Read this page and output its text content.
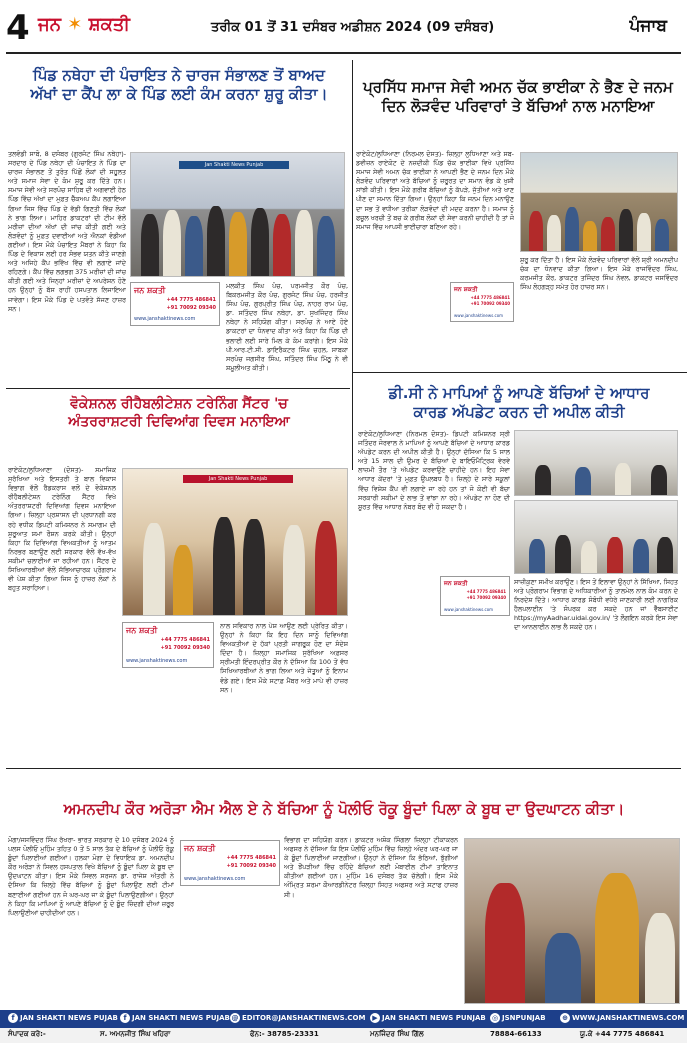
4 ਜਨ ✶ ਸ਼ਕਤੀ	ਤਰੀਕ 01 ਤੋਂ 31 ਦਸੰਬਰ ਅਡੀਸ਼ਨ 2024 (09 ਦਸੰਬਰ)	ਪੰਜਾਬ
ਪਿੰਡ ਨਥੇਹਾ ਦੀ ਪੰਚਾਇਤ ਨੇ ਚਾਰਜ ਸੰਭਾਲਣ ਤੋਂ ਬਾਅਦ
ਅੱਖਾਂ ਦਾ ਕੈਂਪ ਲਾ ਕੇ ਪਿੰਡ ਲਈ ਕੰਮ ਕਰਨਾ ਸ਼ੁਰੂ ਕੀਤਾ।	ਪ੍ਰਸਿੱਧ ਸਮਾਜ ਸੇਵੀ ਅਮਨ ਚੱਕ ਭਾਈਕਾ ਨੇ ਭੈਣ ਦੇ ਜਨਮ
ਦਿਨ ਲੋੜਵੰਦ ਪਰਿਵਾਰਾਂ ਤੇ ਬੱਚਿਆਂ ਨਾਲ ਮਨਾਇਆ
ਤਲਵੰਡੀ ਸਾਬੋ, 8 ਦਸੰਬਰ (ਗੁਰਜੰਟ ਸਿੰਘ ਨਥੇਹਾ)- ਸਰਦਾਰ ਦੇ ਪਿੰਡ ਨਥੇਹਾ ਦੀ ਪੰਚਾਇਤ ਨੇ ਪਿੰਡ ਦਾ ਚਾਰਜ ਸੰਭਾਲਣ ਤੋਂ ਤੁਰੰਤ ਪਿੱਛੋਂ ਲੋਕਾਂ ਦੀ ਸਹੂਲਤ ਅਤੇ ਸਮਾਜ ਸੇਵਾ ਦੇ ਕੰਮ ਸ਼ੁਰੂ ਕਰ ਦਿੱਤੇ ਹਨ। ਸਮਾਜ ਸੇਵੀ ਅਤੇ ਸਰਪੰਚ ਸਾਹਿਬ ਦੀ ਅਗਵਾਈ ਹੇਠ ਪਿੰਡ ਵਿੱਚ ਅੱਖਾਂ ਦਾ ਮੁਫ਼ਤ ਚੈੱਕਅਪ ਕੈਂਪ ਲਗਾਇਆ ਗਿਆ ਜਿਸ ਵਿੱਚ ਪਿੰਡ ਦੇ ਵੱਡੀ ਗਿਣਤੀ ਵਿੱਚ ਲੋਕਾਂ ਨੇ ਭਾਗ ਲਿਆ। ਮਾਹਿਰ ਡਾਕਟਰਾਂ ਦੀ ਟੀਮ ਵੱਲੋਂ ਮਰੀਜ਼ਾਂ ਦੀਆਂ ਅੱਖਾਂ ਦੀ ਜਾਂਚ ਕੀਤੀ ਗਈ ਅਤੇ ਲੋੜਵੰਦਾਂ ਨੂੰ ਮੁਫ਼ਤ ਦਵਾਈਆਂ ਅਤੇ ਐਨਕਾਂ ਵੰਡੀਆਂ ਗਈਆਂ। ਇਸ ਮੌਕੇ ਪੰਚਾਇਤ ਮੈਂਬਰਾਂ ਨੇ ਕਿਹਾ ਕਿ ਪਿੰਡ ਦੇ ਵਿਕਾਸ ਲਈ ਹਰ ਸੰਭਵ ਯਤਨ ਕੀਤੇ ਜਾਣਗੇ ਅਤੇ ਅਜਿਹੇ ਕੈਂਪ ਭਵਿੱਖ ਵਿੱਚ ਵੀ ਲਗਾਏ ਜਾਂਦੇ ਰਹਿਣਗੇ। ਕੈਂਪ ਵਿੱਚ ਲਗਭਗ 375 ਮਰੀਜ਼ਾਂ ਦੀ ਜਾਂਚ ਕੀਤੀ ਗਈ ਅਤੇ ਜਿਨ੍ਹਾਂ ਮਰੀਜ਼ਾਂ ਦੇ ਅਪਰੇਸ਼ਨ ਹੋਣੇ ਹਨ ਉਨ੍ਹਾਂ ਨੂੰ ਬੱਸ ਰਾਹੀਂ ਹਸਪਤਾਲ ਲਿਜਾਇਆ ਜਾਵੇਗਾ। ਇਸ ਮੌਕੇ ਪਿੰਡ ਦੇ ਪਤਵੰਤੇ ਸੱਜਣ ਹਾਜ਼ਰ ਸਨ।
Jan Shakti News Punjab
ਜਨ ਸ਼ਕਤੀ
+44 7775 486841
+91 70092 09340
www.janshaktinews.com
ਮਲਕੀਤ ਸਿੰਘ ਪੰਚ, ਪਰਮਜੀਤ ਕੌਰ ਪੰਚ, ਬਿਕਰਮਜੀਤ ਕੌਰ ਪੰਚ, ਗੁਰਜੰਟ ਸਿੰਘ ਪੰਚ, ਹਰਜੀਤ ਸਿੰਘ ਪੰਚ, ਗੁਰਪ੍ਰੀਤ ਸਿੰਘ ਪੰਚ, ਨਾਹਰ ਰਾਮ ਪੰਚ, ਡਾ. ਸਤਿੰਦਰ ਸਿੰਘ ਨਥੇਹਾ, ਡਾ. ਸੁਖਜਿੰਦਰ ਸਿੰਘ ਨਥੇਹਾ ਨੇ ਸਹਿਯੋਗ ਕੀਤਾ। ਸਰਪੰਚ ਨੇ ਆਏ ਹੋਏ ਡਾਕਟਰਾਂ ਦਾ ਧੰਨਵਾਦ ਕੀਤਾ ਅਤੇ ਕਿਹਾ ਕਿ ਪਿੰਡ ਦੀ ਭਲਾਈ ਲਈ ਸਾਰੇ ਮਿਲ ਕੇ ਕੰਮ ਕਰਾਂਗੇ। ਇਸ ਮੌਕੇ ਪੀ.ਆਰ.ਟੀ.ਸੀ. ਡਾਇਰੈਕਟਰ ਸਿੰਘ ਚਹਲ, ਸਾਬਕਾ ਸਰਪੰਚ ਜਗਸੀਰ ਸਿੰਘ, ਸਤਿੰਦਰ ਸਿੰਘ ਮਿੱਠੂ ਨੇ ਵੀ ਸ਼ਮੂਲੀਅਤ ਕੀਤੀ।
ਰਾਏਕੋਟ/ਲੁਧਿਆਣਾ (ਨਿਰਮਲ ਦੋਸਤ)- ਜ਼ਿਲ੍ਹਾ ਲੁਧਿਆਣਾ ਅਤੇ ਸਬ-ਡਵੀਜ਼ਨ ਰਾਏਕੋਟ ਦੇ ਨਜ਼ਦੀਕੀ ਪਿੰਡ ਚੱਕ ਭਾਈਕਾ ਵਿਖੇ ਪ੍ਰਸਿੱਧ ਸਮਾਜ ਸੇਵੀ ਅਮਨ ਚੱਕ ਭਾਈਕਾ ਨੇ ਆਪਣੀ ਭੈਣ ਦੇ ਜਨਮ ਦਿਨ ਮੌਕੇ ਲੋੜਵੰਦ ਪਰਿਵਾਰਾਂ ਅਤੇ ਬੱਚਿਆਂ ਨੂੰ ਜ਼ਰੂਰਤ ਦਾ ਸਮਾਨ ਵੰਡ ਕੇ ਖੁਸ਼ੀ ਸਾਂਝੀ ਕੀਤੀ। ਇਸ ਮੌਕੇ ਗਰੀਬ ਬੱਚਿਆਂ ਨੂੰ ਕੱਪੜੇ, ਜੁੱਤੀਆਂ ਅਤੇ ਖਾਣ ਪੀਣ ਦਾ ਸਮਾਨ ਦਿੱਤਾ ਗਿਆ। ਉਨ੍ਹਾਂ ਕਿਹਾ ਕਿ ਜਨਮ ਦਿਨ ਮਨਾਉਣ ਦਾ ਸਭ ਤੋਂ ਵਧੀਆ ਤਰੀਕਾ ਲੋੜਵੰਦਾਂ ਦੀ ਮਦਦ ਕਰਨਾ ਹੈ। ਸਮਾਜ ਨੂੰ ਫਜ਼ੂਲ ਖਰਚੀ ਤੋਂ ਬਚ ਕੇ ਗਰੀਬ ਲੋਕਾਂ ਦੀ ਸੇਵਾ ਕਰਨੀ ਚਾਹੀਦੀ ਹੈ ਤਾਂ ਜੋ ਸਮਾਜ ਵਿੱਚ ਆਪਸੀ ਭਾਈਚਾਰਾ ਬਣਿਆ ਰਹੇ।
ਜਨ ਸ਼ਕਤੀ
+44 7775 486841
+91 70092 09340
www.janshaktinews.com
ਸ਼ੁਰੂ ਕਰ ਦਿੱਤਾ ਹੈ। ਇਸ ਮੌਕੇ ਲੋੜਵੰਦ ਪਰਿਵਾਰਾਂ ਵੱਲੋਂ ਸ਼੍ਰੀ ਅਮਨਦੀਪ ਚੱਕ ਦਾ ਧੰਨਵਾਦ ਕੀਤਾ ਗਿਆ। ਇਸ ਮੌਕੇ ਰਾਜਵਿੰਦਰ ਸਿੰਘ, ਕਰਮਜੀਤ ਕੌਰ, ਡਾਕਟਰ ਤਜਿੰਦਰ ਸਿੰਘ ਨੇਵਲ, ਡਾਕਟਰ ਜਸਵਿੰਦਰ ਸਿੰਘ ਲੋਹਗੜ੍ਹ ਸਮੇਤ ਹੋਰ ਹਾਜ਼ਰ ਸਨ।
ਡੀ.ਸੀ ਨੇ ਮਾਪਿਆਂ ਨੂੰ ਆਪਣੇ ਬੱਚਿਆਂ ਦੇ ਆਧਾਰ
ਕਾਰਡ ਅੱਪਡੇਟ ਕਰਨ ਦੀ ਅਪੀਲ ਕੀਤੀ
ਵੋਕੇਸ਼ਨਲ ਰੀਹੈਬਲੀਟੇਸ਼ਨ ਟਰੇਨਿੰਗ ਸੈਂਟਰ 'ਚ
ਅੰਤਰਰਾਸ਼ਟਰੀ ਦਿਵਿਆਂਗ ਦਿਵਸ ਮਨਾਇਆ
ਰਾਏਕੋਟ/ਲੁਧਿਆਣਾ (ਦੋਸਤ)- ਸਮਾਜਿਕ ਸੁਰੱਖਿਆ ਅਤੇ ਇਸਤਰੀ ਤੇ ਬਾਲ ਵਿਕਾਸ ਵਿਭਾਗ ਵੱਲੋਂ ਰੈਡਕਰਾਸ ਵਲੋਂ ਦੇ ਵੋਕੇਸ਼ਨਲ ਰੀਹੈਬਲੀਟੇਸ਼ਨ ਟਰੇਨਿੰਗ ਸੈਂਟਰ ਵਿਖੇ ਅੰਤਰਰਾਸ਼ਟਰੀ ਦਿਵਿਆਂਗ ਦਿਵਸ ਮਨਾਇਆ ਗਿਆ। ਜ਼ਿਲ੍ਹਾ ਪ੍ਰਸ਼ਾਸਨ ਦੀ ਪ੍ਰਧਾਨਗੀ ਕਰ ਰਹੇ ਵਧੀਕ ਡਿਪਟੀ ਕਮਿਸ਼ਨਰ ਨੇ ਸਮਾਗਮ ਦੀ ਸ਼ੁਰੂਆਤ ਸ਼ਮਾਂ ਰੌਸ਼ਨ ਕਰਕੇ ਕੀਤੀ। ਉਨ੍ਹਾਂ ਕਿਹਾ ਕਿ ਦਿਵਿਆਂਗ ਵਿਅਕਤੀਆਂ ਨੂੰ ਆਤਮ ਨਿਰਭਰ ਬਣਾਉਣ ਲਈ ਸਰਕਾਰ ਵੱਲੋਂ ਵੱਖ-ਵੱਖ ਸਕੀਮਾਂ ਚਲਾਈਆਂ ਜਾ ਰਹੀਆਂ ਹਨ। ਸੈਂਟਰ ਦੇ ਸਿਖਿਆਰਥੀਆਂ ਵੱਲੋਂ ਸੱਭਿਆਚਾਰਕ ਪ੍ਰੋਗਰਾਮ ਵੀ ਪੇਸ਼ ਕੀਤਾ ਗਿਆ ਜਿਸ ਨੂੰ ਹਾਜ਼ਰ ਲੋਕਾਂ ਨੇ ਬਹੁਤ ਸਰਾਹਿਆ।
Jan Shakti News Punjab
ਜਨ ਸ਼ਕਤੀ
+44 7775 486841
+91 70092 09340
www.janshaktinews.com
ਨਾਲ ਸਵਿਕਾਰ ਨਾਲ ਪੇਸ਼ ਆਉਣ ਲਈ ਪ੍ਰੇਰਿਤ ਕੀਤਾ। ਉਨ੍ਹਾਂ ਨੇ ਕਿਹਾ ਕਿ ਇਹ ਦਿਨ ਸਾਨੂੰ ਦਿਵਿਆਂਗ ਵਿਅਕਤੀਆਂ ਦੇ ਹੱਕਾਂ ਪ੍ਰਤੀ ਜਾਗਰੂਕ ਹੋਣ ਦਾ ਸੰਦੇਸ਼ ਦਿੰਦਾ ਹੈ। ਜ਼ਿਲ੍ਹਾ ਸਮਾਜਿਕ ਸੁਰੱਖਿਆ ਅਫ਼ਸਰ ਸ੍ਰੀਮਤੀ ਇੰਦਰਪ੍ਰੀਤ ਕੌਰ ਨੇ ਦੱਸਿਆ ਕਿ 100 ਤੋਂ ਵੱਧ ਸਿਖਿਆਰਥੀਆਂ ਨੇ ਭਾਗ ਲਿਆ ਅਤੇ ਜੇਤੂਆਂ ਨੂੰ ਇਨਾਮ ਵੰਡੇ ਗਏ। ਇਸ ਮੌਕੇ ਸਟਾਫ਼ ਮੈਂਬਰ ਅਤੇ ਮਾਪੇ ਵੀ ਹਾਜ਼ਰ ਸਨ।
ਰਾਏਕੋਟ/ਲੁਧਿਆਣਾ (ਨਿਰਮਲ ਦੋਸਤ)- ਡਿਪਟੀ ਕਮਿਸ਼ਨਰ ਸ੍ਰੀ ਜਤਿੰਦਰ ਜੋਰਵਾਲ ਨੇ ਮਾਪਿਆਂ ਨੂੰ ਆਪਣੇ ਬੱਚਿਆਂ ਦੇ ਆਧਾਰ ਕਾਰਡ ਅੱਪਡੇਟ ਕਰਨ ਦੀ ਅਪੀਲ ਕੀਤੀ ਹੈ। ਉਨ੍ਹਾਂ ਦੱਸਿਆ ਕਿ 5 ਸਾਲ ਅਤੇ 15 ਸਾਲ ਦੀ ਉਮਰ ਦੇ ਬੱਚਿਆਂ ਦੇ ਬਾਇਓਮੈਟ੍ਰਿਕ ਵੇਰਵੇ ਲਾਜ਼ਮੀ ਤੌਰ 'ਤੇ ਅੱਪਡੇਟ ਕਰਵਾਉਣੇ ਚਾਹੀਦੇ ਹਨ। ਇਹ ਸੇਵਾ ਆਧਾਰ ਕੇਂਦਰਾਂ 'ਤੇ ਮੁਫ਼ਤ ਉਪਲਬਧ ਹੈ। ਜ਼ਿਲ੍ਹੇ ਦੇ ਸਾਰੇ ਸਕੂਲਾਂ ਵਿੱਚ ਵਿਸ਼ੇਸ਼ ਕੈਂਪ ਵੀ ਲਗਾਏ ਜਾ ਰਹੇ ਹਨ ਤਾਂ ਜੋ ਕੋਈ ਵੀ ਬੱਚਾ ਸਰਕਾਰੀ ਸਕੀਮਾਂ ਦੇ ਲਾਭ ਤੋਂ ਵਾਂਝਾ ਨਾ ਰਹੇ। ਅੱਪਡੇਟ ਨਾ ਹੋਣ ਦੀ ਸੂਰਤ ਵਿੱਚ ਆਧਾਰ ਨੰਬਰ ਬੰਦ ਵੀ ਹੋ ਸਕਦਾ ਹੈ।
ਜਨ ਸ਼ਕਤੀ
+44 7775 486841
+91 70092 09340
www.janshaktinews.com
ਸਾਜ਼ੀਕੁਣਾ ਸਮੀਖ ਕਰਾਉਣ। ਇਸ ਤੋਂ ਇਲਾਵਾ ਉਨ੍ਹਾਂ ਨੇ ਸਿੱਖਿਆ, ਸਿਹਤ ਅਤੇ ਪ੍ਰੋਗਰਾਮ ਵਿਭਾਗ ਦੇ ਅਧਿਕਾਰੀਆਂ ਨੂੰ ਤਾਲਮੇਲ ਨਾਲ ਕੰਮ ਕਰਨ ਦੇ ਨਿਰਦੇਸ਼ ਦਿੱਤੇ। ਆਧਾਰ ਕਾਰਡ ਸੰਬੰਧੀ ਵਧੇਰੇ ਜਾਣਕਾਰੀ ਲਈ ਨਾਗਰਿਕ ਹੈਲਪਲਾਈਨ 'ਤੇ ਸੰਪਰਕ ਕਰ ਸਕਦੇ ਹਨ ਜਾਂ ਵੈੱਬਸਾਈਟ https://myAadhar.uidai.gov.in/ 'ਤੇ ਲੌਗਇਨ ਕਰਕੇ ਇਸ ਸੇਵਾ ਦਾ ਆਨਲਾਈਨ ਲਾਭ ਲੈ ਸਕਦੇ ਹਨ।
ਅਮਨਦੀਪ ਕੌਰ ਅਰੋੜਾ ਐਮ ਐਲ ਏ ਨੇ ਬੱਚਿਆ ਨੂੰ ਪੋਲੀਓ ਰੋਕੂ ਬੂੰਦਾਂ ਪਿਲਾ ਕੇ ਬੂਥ ਦਾ ਉਦਘਾਟਨ ਕੀਤਾ।
ਮੋਗਾ/ਜਸਵਿੰਦਰ ਸਿੰਘ ਰੱਖਰਾ- ਭਾਰਤ ਸਰਕਾਰ ਦੇ 10 ਦਸੰਬਰ 2024 ਨੂੰ ਪਲਸ ਪੋਲੀਓ ਮੁਹਿੰਮ ਤਹਿਤ 0 ਤੋਂ 5 ਸਾਲ ਤੱਕ ਦੇ ਬੱਚਿਆਂ ਨੂੰ ਪੋਲੀਓ ਰੋਕੂ ਬੂੰਦਾਂ ਪਿਲਾਈਆਂ ਗਈਆਂ। ਹਲਕਾ ਮੋਗਾ ਦੇ ਵਿਧਾਇਕ ਡਾ. ਅਮਨਦੀਪ ਕੌਰ ਅਰੋੜਾ ਨੇ ਸਿਵਲ ਹਸਪਤਾਲ ਵਿਖੇ ਬੱਚਿਆਂ ਨੂੰ ਬੂੰਦਾਂ ਪਿਲਾ ਕੇ ਬੂਥ ਦਾ ਉਦਘਾਟਨ ਕੀਤਾ। ਇਸ ਮੌਕੇ ਸਿਵਲ ਸਰਜਨ ਡਾ. ਰਾਜੇਸ਼ ਅੱਤਰੀ ਨੇ ਦੱਸਿਆ ਕਿ ਜ਼ਿਲ੍ਹੇ ਵਿੱਚ ਬੱਚਿਆਂ ਨੂੰ ਬੂੰਦਾਂ ਪਿਲਾਉਣ ਲਈ ਟੀਮਾਂ ਬਣਾਈਆਂ ਗਈਆਂ ਹਨ ਜੋ ਘਰ-ਘਰ ਜਾ ਕੇ ਬੂੰਦਾਂ ਪਿਲਾਉਣਗੀਆਂ। ਉਨ੍ਹਾਂ ਨੇ ਕਿਹਾ ਕਿ ਮਾਪਿਆਂ ਨੂੰ ਆਪਣੇ ਬੱਚਿਆਂ ਨੂੰ ਦੋ ਬੂੰਦ ਜ਼ਿੰਦਗੀ ਦੀਆਂ ਜ਼ਰੂਰ ਪਿਲਾਉਣੀਆਂ ਚਾਹੀਦੀਆਂ ਹਨ।
ਜਨ ਸ਼ਕਤੀ
+44 7775 486841
+91 70092 09340
www.janshaktinews.com
ਵਿਭਾਗ ਦਾ ਸਹਿਯੋਗ ਕਰਨ। ਡਾਕਟਰ ਅਸ਼ੋਕ ਸਿੰਗਲਾ ਜ਼ਿਲ੍ਹਾ ਟੀਕਾਕਰਨ ਅਫਸਰ ਨੇ ਦੱਸਿਆ ਕਿ ਇਸ ਪੋਲੀਓ ਮੁਹਿੰਮ ਵਿੱਚ ਜ਼ਿਲ੍ਹੇ ਅੰਦਰ ਘਰ-ਘਰ ਜਾ ਕੇ ਬੂੰਦਾਂ ਪਿਲਾਈਆਂ ਜਾਣਗੀਆਂ। ਉਨ੍ਹਾਂ ਨੇ ਦੱਸਿਆ ਕਿ ਭੱਠਿਆਂ, ਝੁੱਗੀਆਂ ਅਤੇ ਝੌਂਪੜੀਆਂ ਵਿੱਚ ਰਹਿੰਦੇ ਬੱਚਿਆਂ ਲਈ ਮੋਬਾਈਲ ਟੀਮਾਂ ਤਾਇਨਾਤ ਕੀਤੀਆਂ ਗਈਆਂ ਹਨ। ਮੁਹਿੰਮ 16 ਦਸੰਬਰ ਤੱਕ ਚੱਲੇਗੀ। ਇਸ ਮੌਕੇ ਅੰਮ੍ਰਿਤ ਸ਼ਰਮਾ ਕੌਆਰਡੀਨੇਟਰ ਜ਼ਿਲ੍ਹਾ ਸਿਹਤ ਅਫਸਰ ਅਤੇ ਸਟਾਫ ਹਾਜ਼ਰ ਸੀ।
f JAN SHAKTI NEWS PUJAB f JAN SHAKTI NEWS PUJAB @ EDITOR@JANSHAKTINEWS.COM ▶ JAN SHAKTI NEWS PUNJAB ◎ JSNPUNJAB ⊕ WWW.JANSHAKTINEWS.COM
ਸੰਪਾਦਕ ਕਰੇ:-	ਸ. ਅਮਨਜੀਤ ਸਿੰਘ ਖਹਿਰਾ	ਫੋਨ:- 38785-23331	ਮਨਜਿੰਦਰ ਸਿੰਘ ਗਿੱਲ	78884-66133	ਯੂ.ਕੇ +44 7775 486841
